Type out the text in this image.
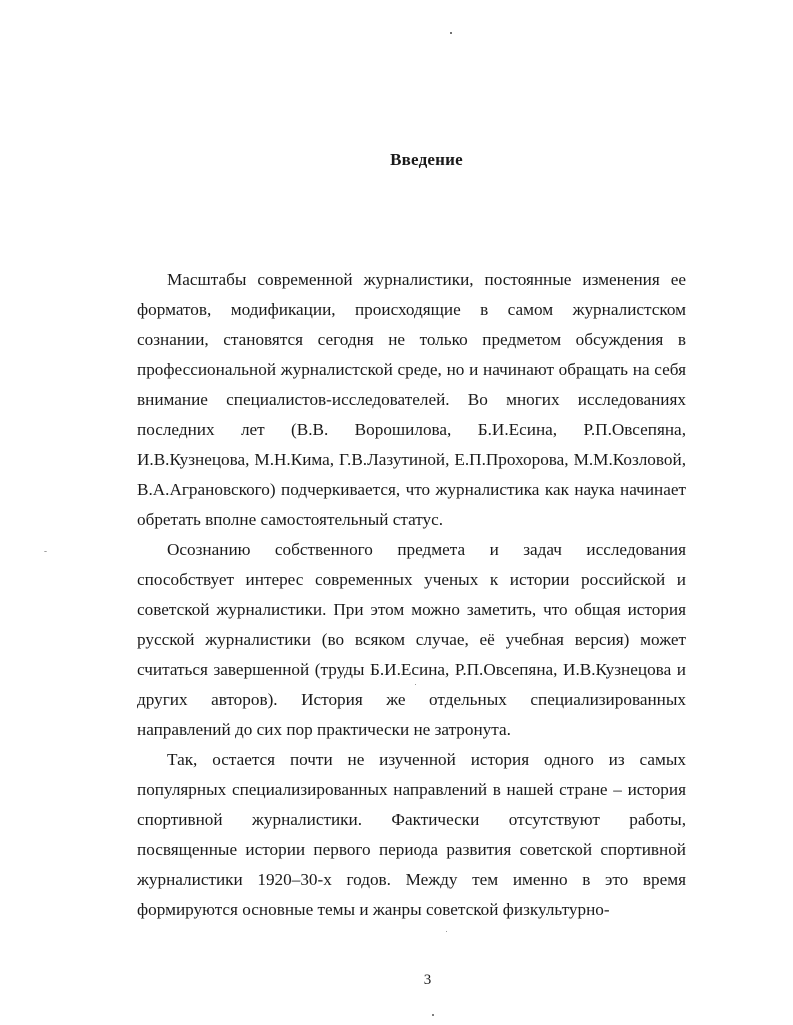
Введение

Масштабы современной журналистики, постоянные изменения ее форматов, модификации, происходящие в самом журналистском сознании, становятся сегодня не только предметом обсуждения в профессиональной журналистской среде, но и начинают обращать на себя внимание специалистов-исследователей. Во многих исследованиях последних лет (В.В. Ворошилова, Б.И.Есина, Р.П.Овсепяна, И.В.Кузнецова, М.Н.Кима, Г.В.Лазутиной, Е.П.Прохорова, М.М.Козловой, В.А.Аграновского) подчеркивается, что журналистика как наука начинает обретать вполне самостоятельный статус.

Осознанию собственного предмета и задач исследования способствует интерес современных ученых к истории российской и советской журналистики. При этом можно заметить, что общая история русской журналистики (во всяком случае, её учебная версия) может считаться завершенной (труды Б.И.Есина, Р.П.Овсепяна, И.В.Кузнецова и других авторов). История же отдельных специализированных направлений до сих пор практически не затронута.

Так, остается почти не изученной история одного из самых популярных специализированных направлений в нашей стране – история спортивной журналистики. Фактически отсутствуют работы, посвященные истории первого периода развития советской спортивной журналистики 1920–30-х годов. Между тем именно в это время формируются основные темы и жанры советской физкультурно-

3
